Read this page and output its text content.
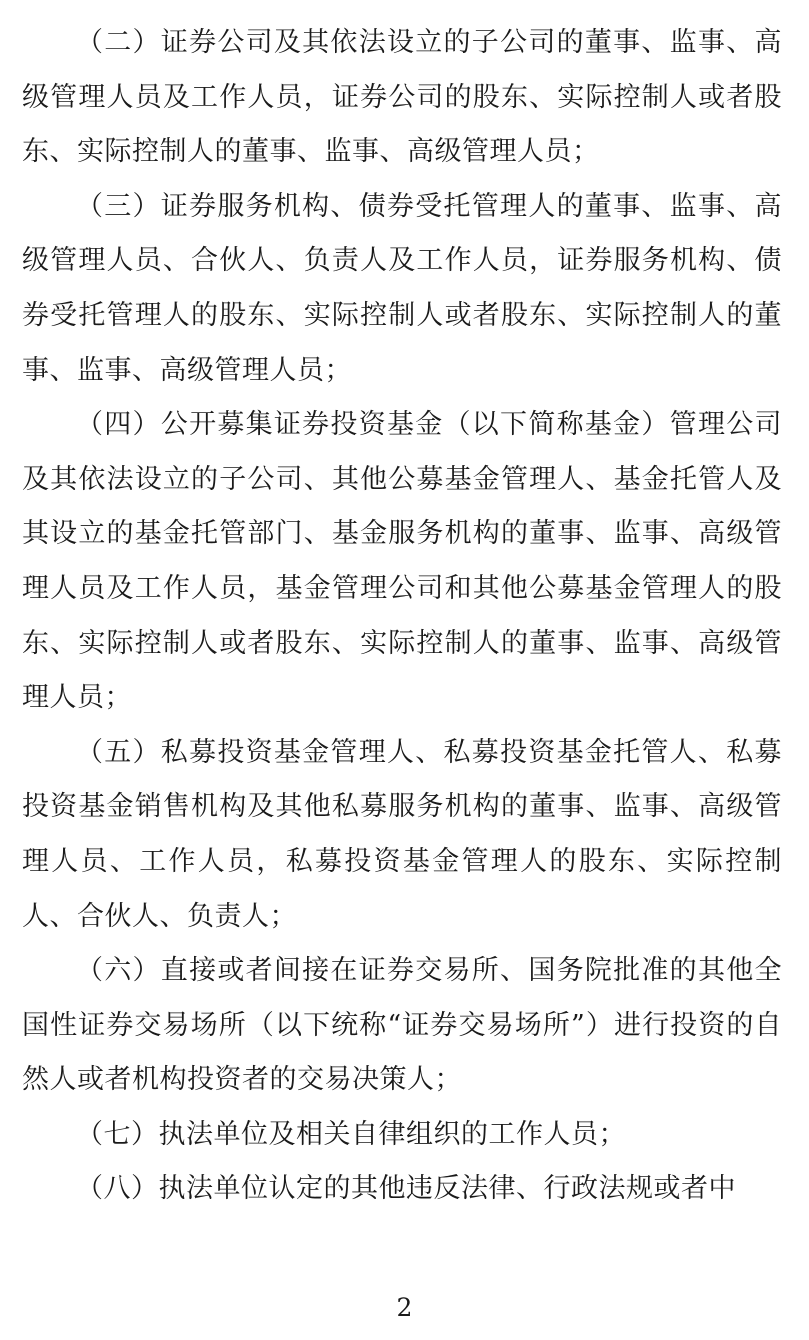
（二）证券公司及其依法设立的子公司的董事、监事、高级管理人员及工作人员，证券公司的股东、实际控制人或者股东、实际控制人的董事、监事、高级管理人员；

（三）证券服务机构、债券受托管理人的董事、监事、高级管理人员、合伙人、负责人及工作人员，证券服务机构、债券受托管理人的股东、实际控制人或者股东、实际控制人的董事、监事、高级管理人员；

（四）公开募集证券投资基金（以下简称基金）管理公司及其依法设立的子公司、其他公募基金管理人、基金托管人及其设立的基金托管部门、基金服务机构的董事、监事、高级管理人员及工作人员，基金管理公司和其他公募基金管理人的股东、实际控制人或者股东、实际控制人的董事、监事、高级管理人员；

（五）私募投资基金管理人、私募投资基金托管人、私募投资基金销售机构及其他私募服务机构的董事、监事、高级管理人员、工作人员，私募投资基金管理人的股东、实际控制人、合伙人、负责人；

（六）直接或者间接在证券交易所、国务院批准的其他全国性证券交易场所（以下统称“证券交易场所”）进行投资的自然人或者机构投资者的交易决策人；

（七）执法单位及相关自律组织的工作人员；

（八）执法单位认定的其他违反法律、行政法规或者中

2
